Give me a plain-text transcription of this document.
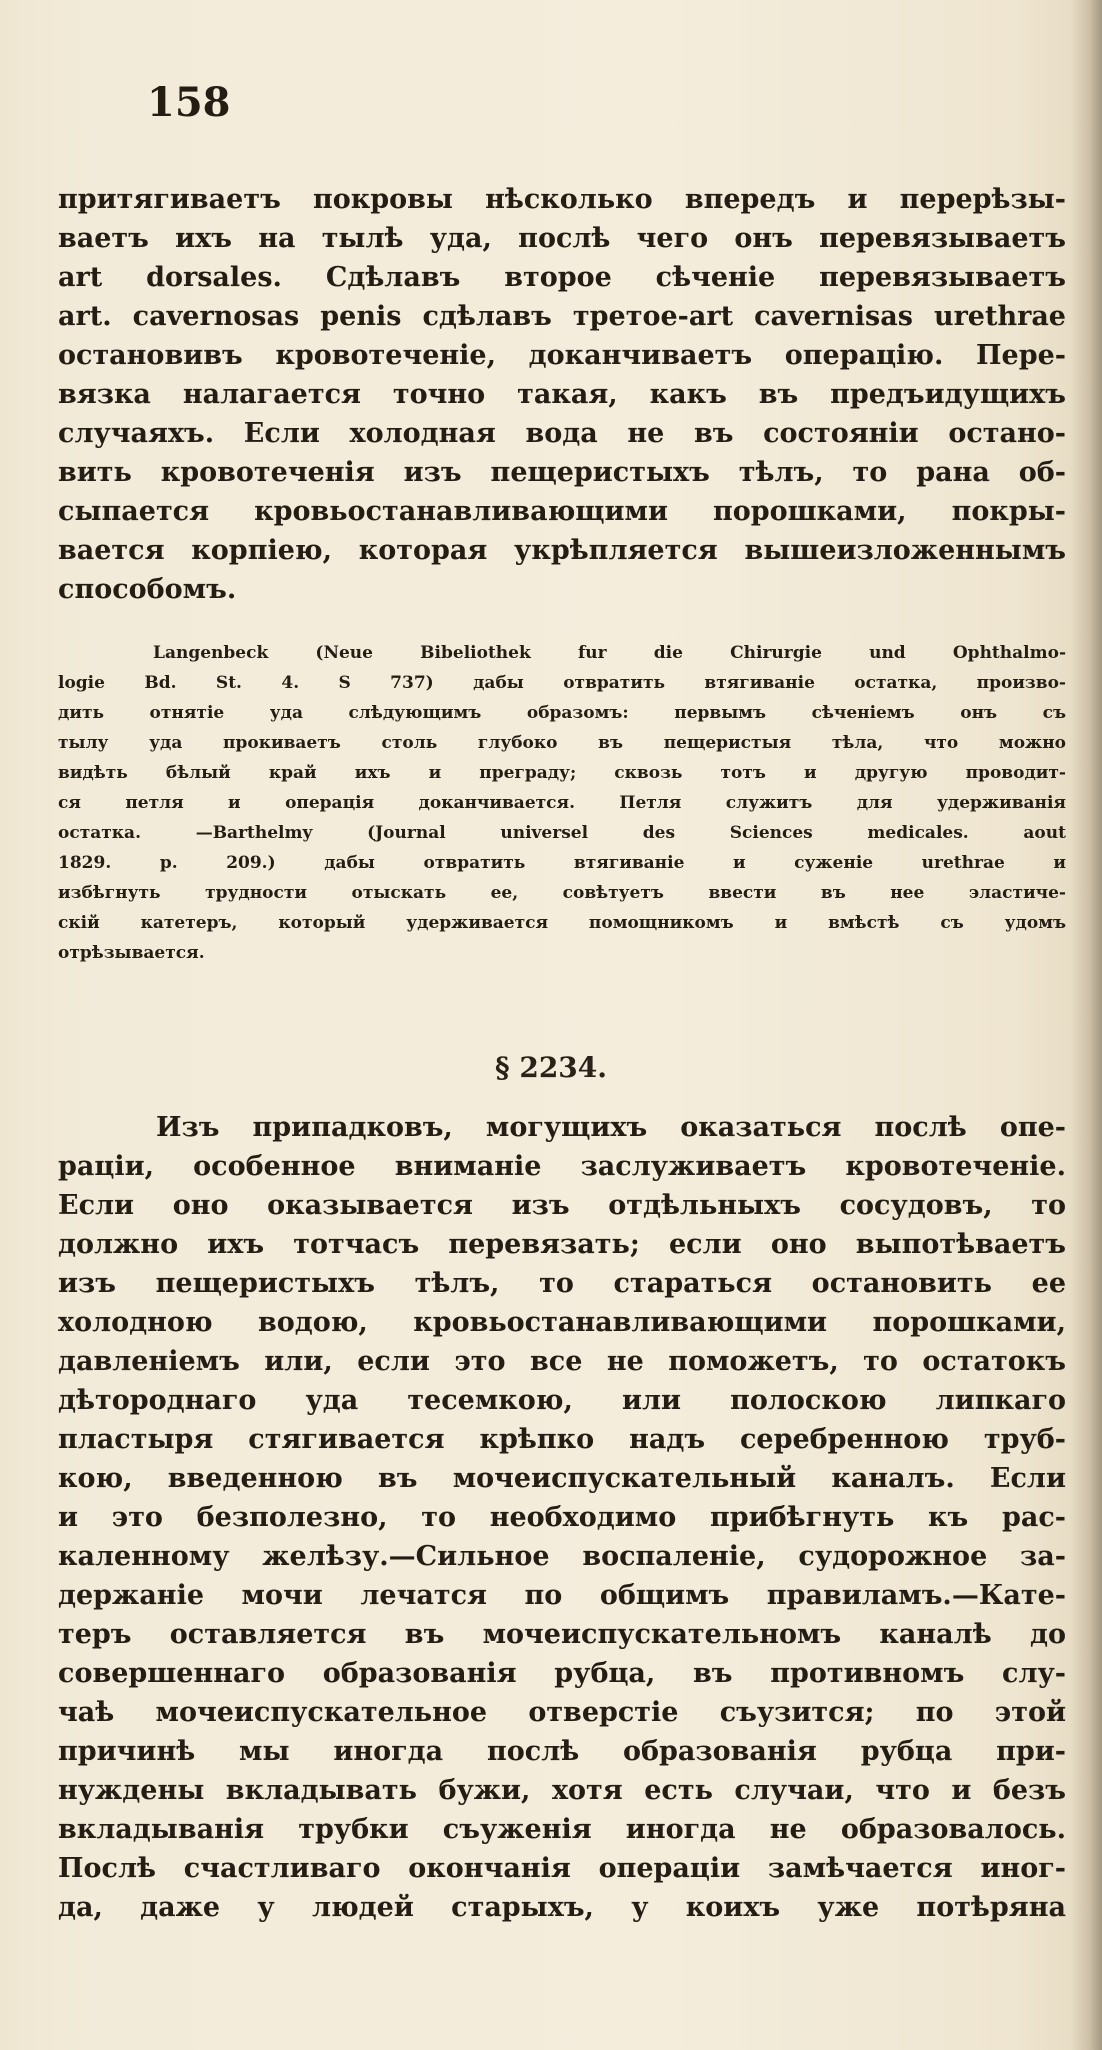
158
притягиваетъ покровы нѣсколько впередъ и перерѣзы-
ваетъ ихъ на тылѣ уда, послѣ чего онъ перевязываетъ
art dorsales. Сдѣлавъ второе сѣченіе перевязываетъ
art. cavernosas penis сдѣлавъ третое-art cavernisas urethrae
остановивъ кровотеченіе, доканчиваетъ операцію. Пере-
вязка налагается точно такая, какъ въ предъидущихъ
случаяхъ. Если холодная вода не въ состояніи останo-
вить кровотеченія изъ пещеристыхъ тѣлъ, то рана об-
сыпается кровьостанавливающими порошками, покры-
вается корпіею, которая укрѣпляется вышеизложеннымъ
способомъ.
Langenbeck (Neue Bibeliothek fur die Chirurgie und Ophthalmo-
logie Bd. St. 4. S 737) дабы отвратить втягиваніе остатка, произво-
дить отнятіе уда слѣдующимъ образомъ: первымъ сѣченіемъ онъ съ
тылу уда прокиваетъ столь глубоко въ пещеристыя тѣла, что можно
видѣть бѣлый край ихъ и преграду; сквозь тотъ и другую проводит-
ся петля и операція доканчивается. Петля служитъ для удерживанія
остатка. —Barthelmy (Journal universel des Sciences medicales. aout
1829. p. 209.) дабы отвратить втягиваніе и суженіе urethrae и
избѣгнуть трудности отыскать ее, совѣтуетъ ввести въ нее эластиче-
скій катетеръ, который удерживается помощникомъ и вмѣстѣ съ удомъ
отрѣзывается.
§ 2234.
Изъ припадковъ, могущихъ оказаться послѣ опе-
раціи, особенное вниманіе заслуживаетъ кровотеченіе.
Если оно оказывается изъ отдѣльныхъ сосудовъ, то
должно ихъ тотчасъ перевязать; если оно выпотѣваетъ
изъ пещеристыхъ тѣлъ, то стараться остановить ее
холодною водою, кровьостанавливающими порошками,
давленіемъ или, если это все не поможетъ, то остатокъ
дѣтороднаго уда тесемкою, или полоскою липкаго
пластыря стягивается крѣпко надъ серебренною труб-
кою, введенною въ мочеиспускательный каналъ. Если
и это безполезно, то необходимо прибѣгнуть къ рас-
каленному желѣзу.—Сильное воспаленіе, судорожное за-
держаніе мочи лечатся по общимъ правиламъ.—Катe-
теръ оставляется въ мочеиспускательномъ каналѣ до
совершеннаго образованія рубца, въ противномъ слу-
чаѣ мочеиспускательное отверстіе съузится; по этой
причинѣ мы иногда послѣ образованія рубца при-
нуждены вкладывать бужи, хотя есть случаи, что и безъ
вкладыванія трубки съуженія иногда не образовалось.
Послѣ счастливаго окончанія операціи замѣчается иног-
да, даже у людей старыхъ, у коихъ уже потѣряна
